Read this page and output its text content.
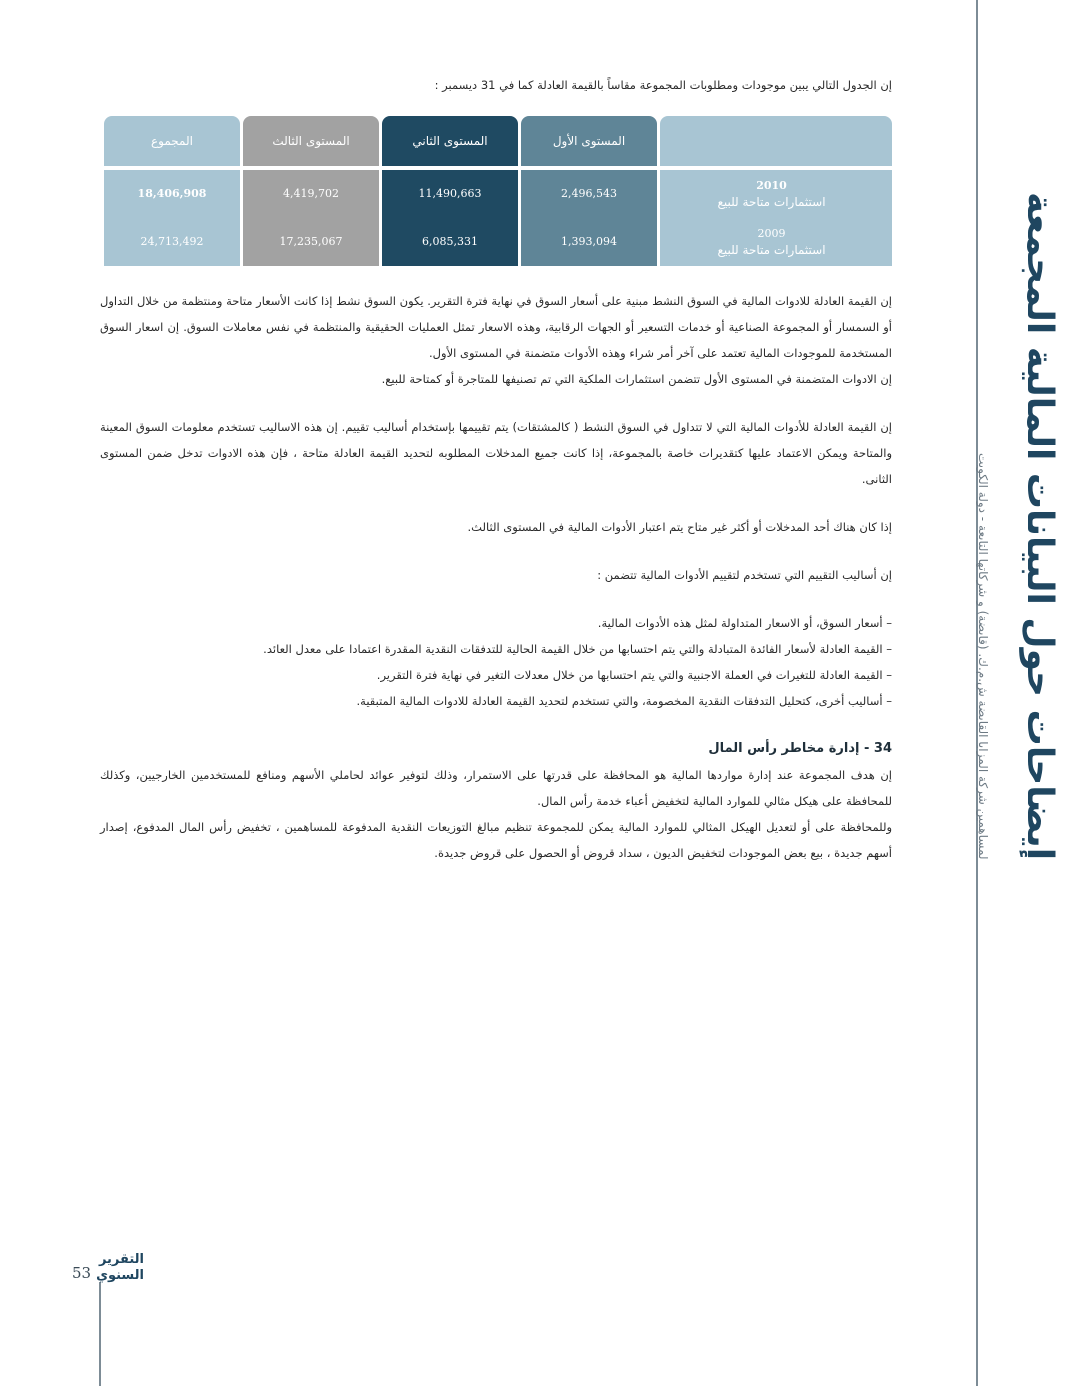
إيضاحات حول البيانات المالية المجمعة
لمساهمين شركة المزايا القابضة ش.م.ك. (قابضة) و شركاتها التابعة - دولة الكويت

إن الجدول التالي يبين موجودات ومطلوبات المجموعة مقاساً بالقيمة العادلة كما في 31 ديسمبر :

	المستوى الأول	المستوى الثاني	المستوى الثالث	المجموع

2010
استثمارات متاحة للبيع	2,496,543	11,490,663	4,419,702	18,406,908

2009
استثمارات متاحة للبيع	1,393,094	6,085,331	17,235,067	24,713,492

إن القيمة العادلة للادوات المالية في السوق النشط مبنية على أسعار السوق في نهاية فترة التقرير. يكون السوق نشط إذا كانت الأسعار متاحة ومنتظمة من خلال التداول أو السمسار أو المجموعة الصناعية أو خدمات التسعير أو الجهات الرقابية، وهذه الاسعار تمثل العمليات الحقيقية والمنتظمة في نفس معاملات السوق. إن اسعار السوق المستخدمة للموجودات المالية تعتمد على آخر أمر شراء وهذه الأدوات متضمنة في المستوى الأول.

إن الادوات المتضمنة في المستوى الأول تتضمن استثمارات الملكية التي تم تصنيفها للمتاجرة أو كمتاحة للبيع.

إن القيمة العادلة للأدوات المالية التي لا تتداول في السوق النشط ( كالمشتقات) يتم تقييمها بإستخدام أساليب تقييم. إن هذه الاساليب تستخدم معلومات السوق المعينة والمتاحة ويمكن الاعتماد عليها كتقديرات خاصة بالمجموعة، إذا كانت جميع المدخلات المطلوبه لتحديد القيمة العادلة متاحة ، فإن هذه الادوات تدخل ضمن المستوى الثانى.

إذا كان هناك أحد المدخلات أو أكثر غير متاح يتم اعتبار الأدوات المالية في المستوى الثالث.

إن أساليب التقييم التي تستخدم لتقييم الأدوات المالية تتضمن :

– أسعار السوق، أو الاسعار المتداولة لمثل هذه الأدوات المالية.

– القيمة العادلة لأسعار الفائدة المتبادلة والتي يتم احتسابها من خلال القيمة الحالية للتدفقات النقدية المقدرة اعتمادا على معدل العائد.

– القيمة العادلة للتغيرات في العملة الاجنبية والتي يتم احتسابها من خلال معدلات التغير في نهاية فترة التقرير.

– أساليب أخرى، كتحليل التدفقات النقدية المخصومة، والتي تستخدم لتحديد القيمة العادلة للادوات المالية المتبقية.

34 - إدارة مخاطر رأس المال

إن هدف المجموعة عند إدارة مواردها المالية هو المحافظة على قدرتها على الاستمرار، وذلك لتوفير عوائد لحاملي الأسهم ومنافع للمستخدمين الخارجيين، وكذلك للمحافظة على هيكل مثالي للموارد المالية لتخفيض أعباء خدمة رأس المال.

وللمحافظة على أو لتعديل الهيكل المثالي للموارد المالية يمكن للمجموعة تنظيم مبالغ التوزيعات النقدية المدفوعة للمساهمين ، تخفيض رأس المال المدفوع، إصدار أسهم جديدة ، بيع بعض الموجودات لتخفيض الديون ، سداد قروض أو الحصول على قروض جديدة.

53
التقرير السنوي
